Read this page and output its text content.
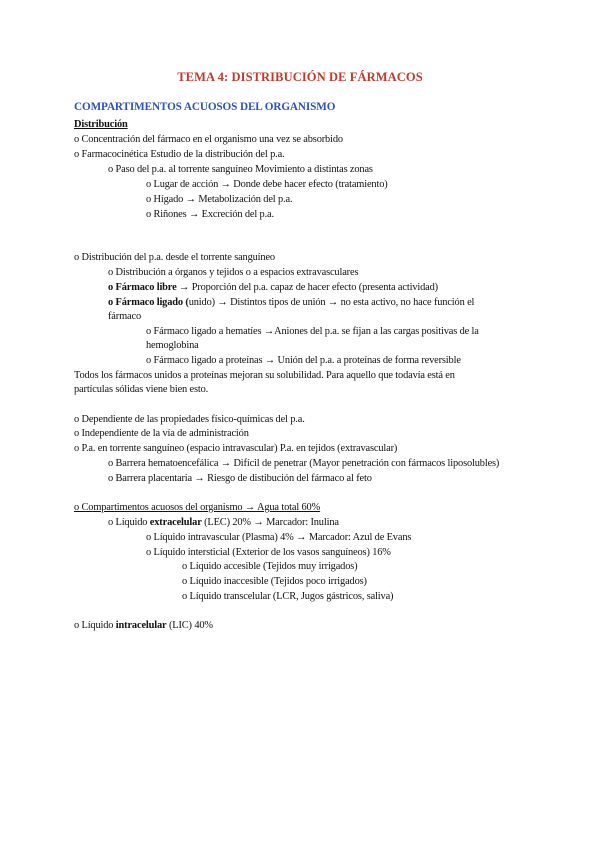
TEMA 4: DISTRIBUCIÓN DE FÁRMACOS
COMPARTIMENTOS ACUOSOS DEL ORGANISMO
Distribución
o Concentración del fármaco en el organismo una vez se absorbido
o Farmacocinética Estudio de la distribución del p.a.
o Paso del p.a. al torrente sanguíneo Movimiento a distintas zonas
o Lugar de acción → Donde debe hacer efecto (tratamiento)
o Hígado → Metabolización del p.a.
o Riñones → Excreción del p.a.
o Distribución del p.a. desde el torrente sanguíneo
o Distribución a órganos y tejidos o a espacios extravasculares
o Fármaco libre → Proporción del p.a. capaz de hacer efecto (presenta actividad)
o Fármaco ligado (unido) → Distintos tipos de unión → no esta activo, no hace función el
fármaco
o Fármaco ligado a hematíes →Aniones del p.a. se fijan a las cargas positivas de la
hemoglobina
o Fármaco ligado a proteínas → Unión del p.a. a proteínas de forma reversible
Todos los fármacos unidos a proteínas mejoran su solubilidad. Para aquello que todavía está en
partículas sólidas viene bien esto.
o Dependiente de las propiedades físico-químicas del p.a.
o Independiente de la vía de administración
o P.a. en torrente sanguíneo (espacio intravascular) P.a. en tejidos (extravascular)
o Barrera hematoencefálica → Difícil de penetrar (Mayor penetración con fármacos liposolubles)
o Barrera placentaria → Riesgo de distibución del fármaco al feto
o Compartimentos acuosos del organismo → Agua total 60%
o Líquido extracelular (LEC) 20% → Marcador: Inulina
o Líquido intravascular (Plasma) 4% → Marcador: Azul de Evans
o Líquido intersticial (Exterior de los vasos sanguíneos) 16%
o Líquido accesible (Tejidos muy irrigados)
o Líquido inaccesible (Tejidos poco irrigados)
o Líquido transcelular (LCR, Jugos gástricos, saliva)
o Líquido intracelular (LIC) 40%
